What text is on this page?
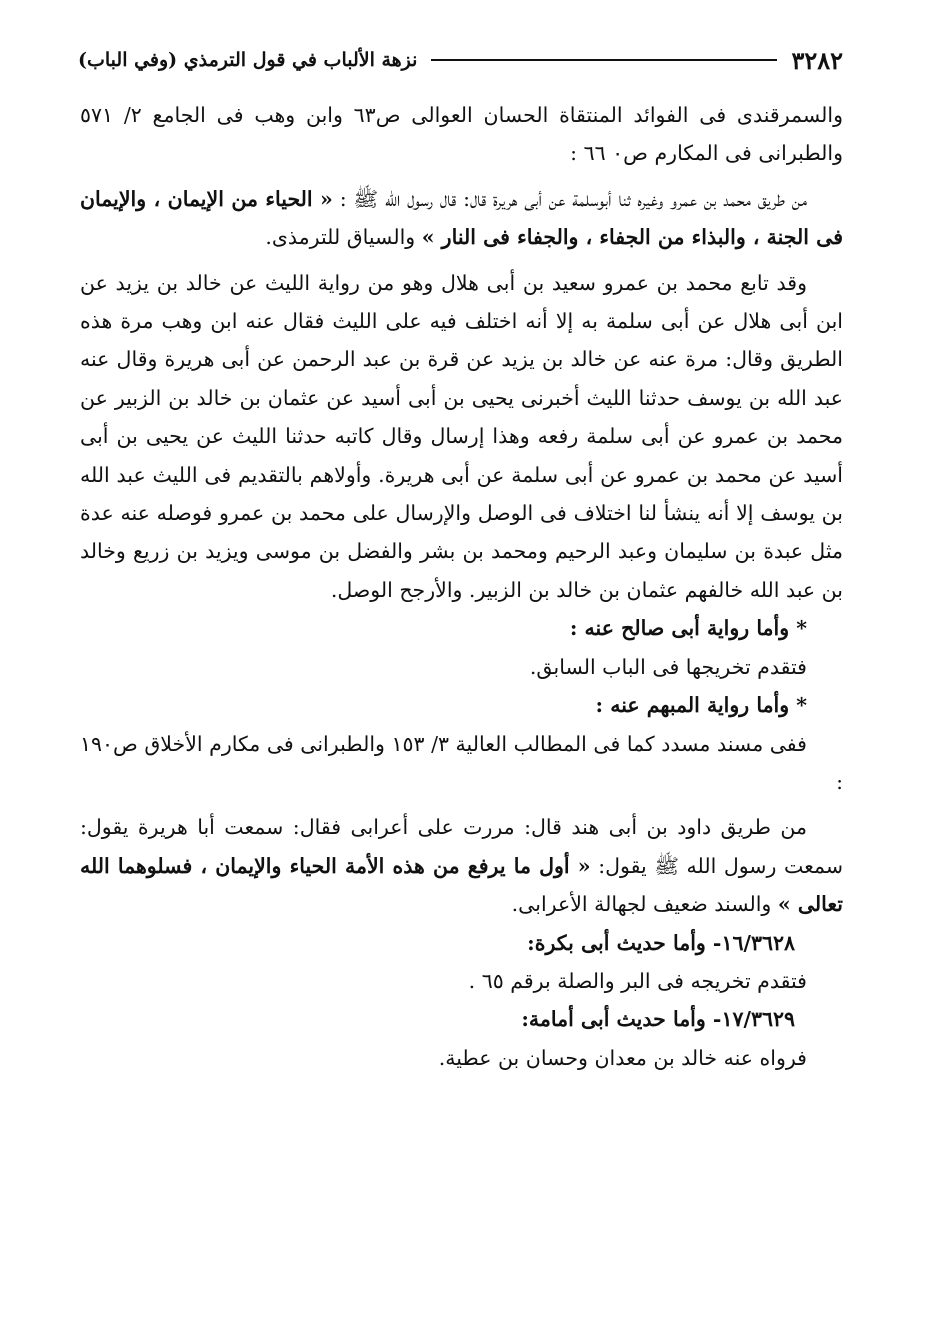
٣٢٨٢
نزهة الألباب في قول الترمذي (وفي الباب)

والسمرقندى فى الفوائد المنتقاة الحسان العوالى ص٦٣ وابن وهب فى الجامع ٢/ ٥٧١ والطبرانى فى المكارم ص٠ ٦٦ :

من طريق محمد بن عمرو وغيره ثنا أبوسلمة عن أبى هريرة قال: قال رسول الله ﷺ : « الحياء من الإيمان ، والإيمان فى الجنة ، والبذاء من الجفاء ، والجفاء فى النار » والسياق للترمذى.

وقد تابع محمد بن عمرو سعيد بن أبى هلال وهو من رواية الليث عن خالد بن يزيد عن ابن أبى هلال عن أبى سلمة به إلا أنه اختلف فيه على الليث فقال عنه ابن وهب مرة هذه الطريق وقال: مرة عنه عن خالد بن يزيد عن قرة بن عبد الرحمن عن أبى هريرة وقال عنه عبد الله بن يوسف حدثنا الليث أخبرنى يحيى بن أبى أسيد عن عثمان بن خالد بن الزبير عن محمد بن عمرو عن أبى سلمة رفعه وهذا إرسال وقال كاتبه حدثنا الليث عن يحيى بن أبى أسيد عن محمد بن عمرو عن أبى سلمة عن أبى هريرة. وأولاهم بالتقديم فى الليث عبد الله بن يوسف إلا أنه ينشأ لنا اختلاف فى الوصل والإرسال على محمد بن عمرو فوصله عنه عدة مثل عبدة بن سليمان وعبد الرحيم ومحمد بن بشر والفضل بن موسى ويزيد بن زريع وخالد بن عبد الله خالفهم عثمان بن خالد بن الزبير. والأرجح الوصل.

* وأما رواية أبى صالح عنه :

فتقدم تخريجها فى الباب السابق.

* وأما رواية المبهم عنه :

ففى مسند مسدد كما فى المطالب العالية ٣/ ١٥٣ والطبرانى فى مكارم الأخلاق ص١٩٠ :

من طريق داود بن أبى هند قال: مررت على أعرابى فقال: سمعت أبا هريرة يقول: سمعت رسول الله ﷺ يقول: « أول ما يرفع من هذه الأمة الحياء والإيمان ، فسلوهما الله تعالى » والسند ضعيف لجهالة الأعرابى.

١٦/٣٦٢٨- وأما حديث أبى بكرة:

فتقدم تخريجه فى البر والصلة برقم ٦٥ .

١٧/٣٦٢٩- وأما حديث أبى أمامة:

فرواه عنه خالد بن معدان وحسان بن عطية.
